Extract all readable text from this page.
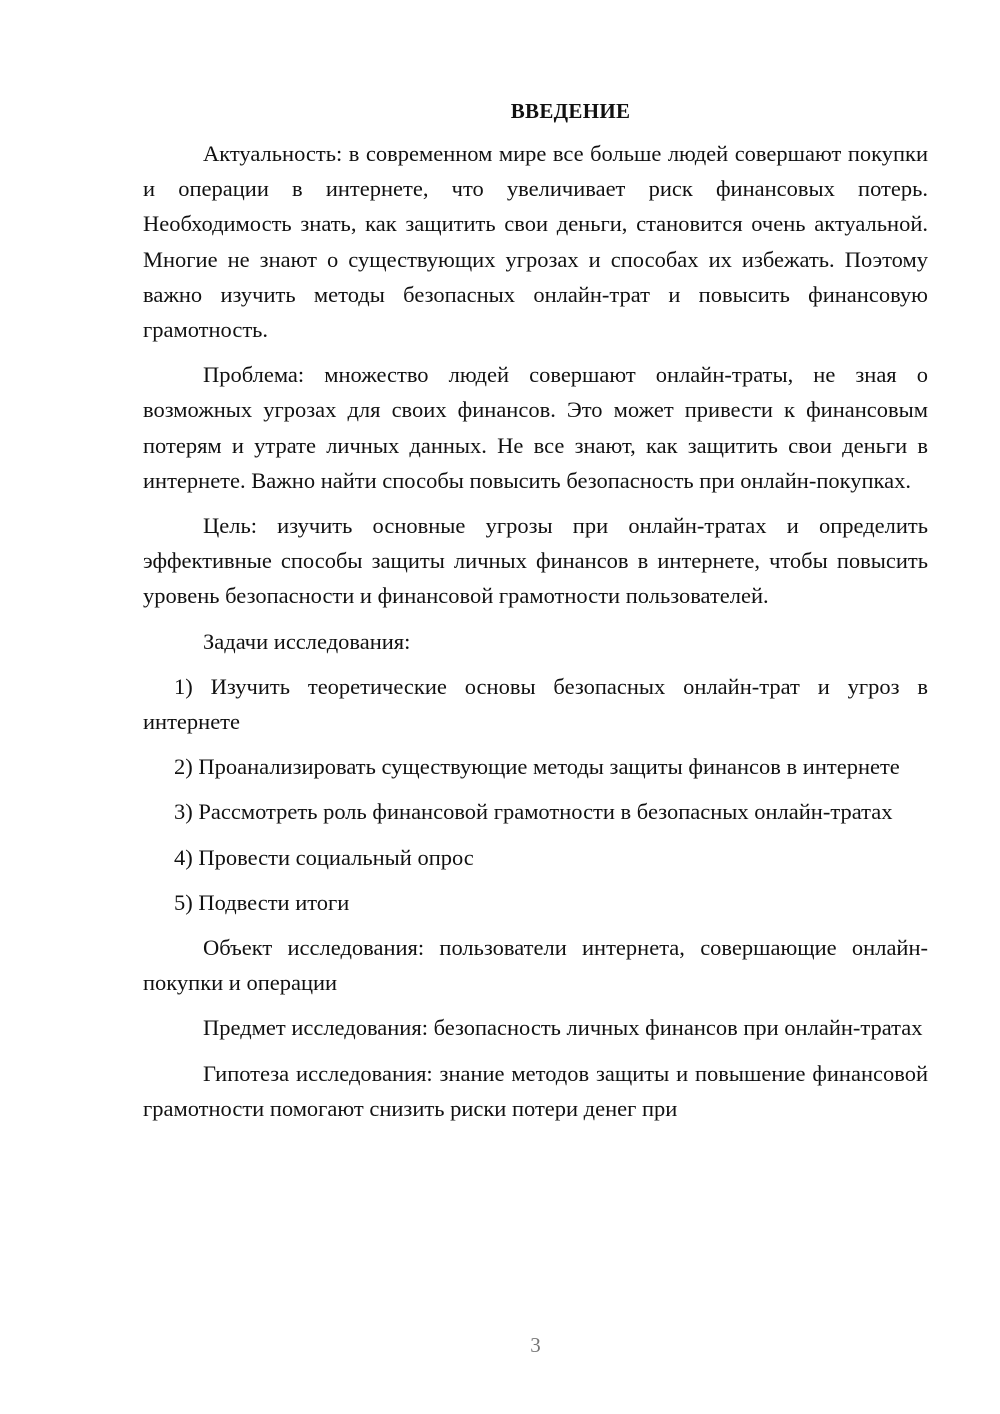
ВВЕДЕНИЕ

Актуальность: в современном мире все больше людей совершают покупки и операции в интернете, что увеличивает риск финансовых потерь. Необходимость знать, как защитить свои деньги, становится очень актуальной. Многие не знают о существующих угрозах и способах их избежать. Поэтому важно изучить методы безопасных онлайн-трат и повысить финансовую грамотность.

Проблема: множество людей совершают онлайн-траты, не зная о возможных угрозах для своих финансов. Это может привести к финансовым потерям и утрате личных данных. Не все знают, как защитить свои деньги в интернете. Важно найти способы повысить безопасность при онлайн-покупках.

Цель: изучить основные угрозы при онлайн-тратах и определить эффективные способы защиты личных финансов в интернете, чтобы повысить уровень безопасности и финансовой грамотности пользователей.

Задачи исследования:

1) Изучить теоретические основы безопасных онлайн-трат и угроз в интернете

2) Проанализировать существующие методы защиты финансов в интернете

3) Рассмотреть роль финансовой грамотности в безопасных онлайн-тратах

4) Провести социальный опрос

5) Подвести итоги

Объект исследования: пользователи интернета, совершающие онлайн-покупки и операции

Предмет исследования: безопасность личных финансов при онлайн-тратах

Гипотеза исследования: знание методов защиты и повышение финансовой грамотности помогают снизить риски потери денег при

3
